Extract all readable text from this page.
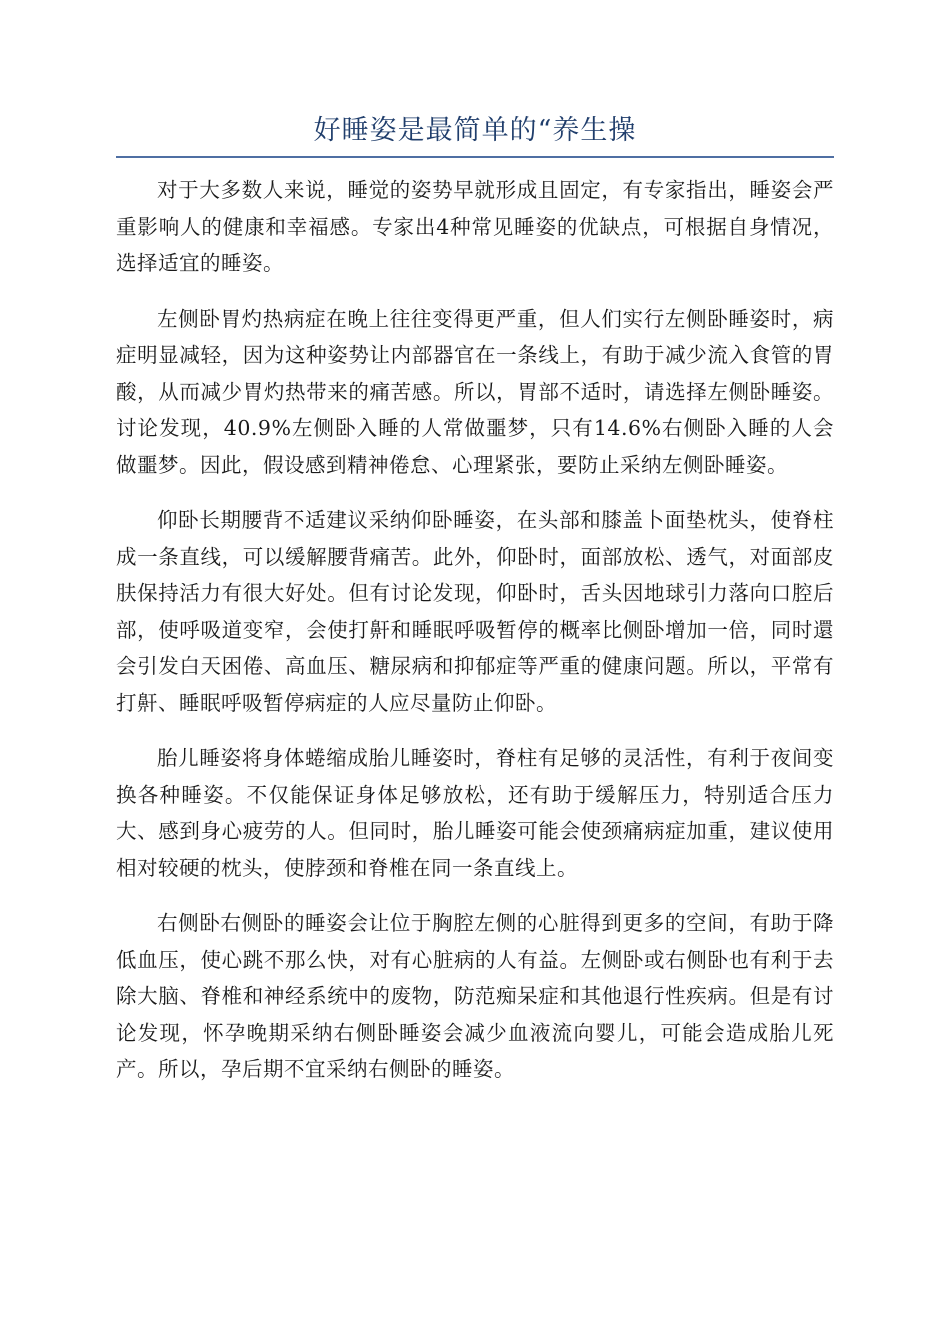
好睡姿是最简单的“养生操

对于大多数人来说，睡觉的姿势早就形成且固定，有专家指出，睡姿会严重影响人的健康和幸福感。专家出4种常见睡姿的优缺点，可根据自身情况，选择适宜的睡姿。

左侧卧胃灼热病症在晚上往往变得更严重，但人们实行左侧卧睡姿时，病症明显减轻，因为这种姿势让内部器官在一条线上，有助于减少流入食管的胃酸，从而减少胃灼热带来的痛苦感。所以，胃部不适时，请选择左侧卧睡姿。讨论发现，40.9%左侧卧入睡的人常做噩梦，只有14.6%右侧卧入睡的人会做噩梦。因此，假设感到精神倦怠、心理紧张，要防止采纳左侧卧睡姿。

仰卧长期腰背不适建议采纳仰卧睡姿，在头部和膝盖卜面垫枕头，使脊柱成一条直线，可以缓解腰背痛苦。此外，仰卧时，面部放松、透气，对面部皮肤保持活力有很大好处。但有讨论发现，仰卧时，舌头因地球引力落向口腔后部，使呼吸道变窄，会使打鼾和睡眠呼吸暂停的概率比侧卧增加一倍，同时還会引发白天困倦、高血压、糖尿病和抑郁症等严重的健康问题。所以，平常有打鼾、睡眠呼吸暂停病症的人应尽量防止仰卧。

胎儿睡姿将身体蜷缩成胎儿睡姿时，脊柱有足够的灵活性，有利于夜间变换各种睡姿。不仅能保证身体足够放松，还有助于缓解压力，特别适合压力大、感到身心疲劳的人。但同时，胎儿睡姿可能会使颈痛病症加重，建议使用相对较硬的枕头，使脖颈和脊椎在同一条直线上。

右侧卧右侧卧的睡姿会让位于胸腔左侧的心脏得到更多的空间，有助于降低血压，使心跳不那么快，对有心脏病的人有益。左侧卧或右侧卧也有利于去除大脑、脊椎和神经系统中的废物，防范痴呆症和其他退行性疾病。但是有讨论发现，怀孕晚期采纳右侧卧睡姿会减少血液流向婴儿，可能会造成胎儿死产。所以，孕后期不宜采纳右侧卧的睡姿。
